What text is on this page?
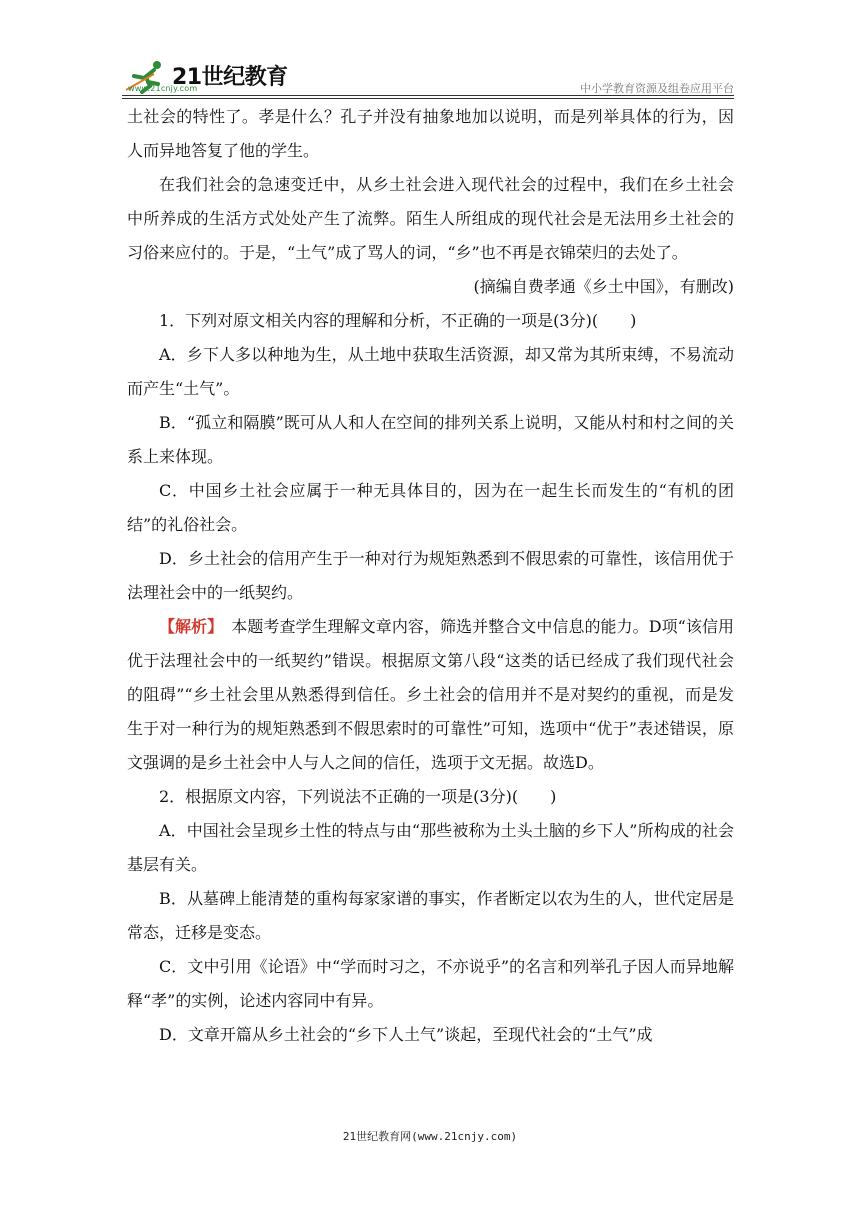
21世纪教育
www.21cnjy.com	中小学教育资源及组卷应用平台

土社会的特性了。孝是什么？孔子并没有抽象地加以说明，而是列举具体的行为，因人而异地答复了他的学生。

在我们社会的急速变迁中，从乡土社会进入现代社会的过程中，我们在乡土社会中所养成的生活方式处处产生了流弊。陌生人所组成的现代社会是无法用乡土社会的习俗来应付的。于是，“土气”成了骂人的词，“乡”也不再是衣锦荣归的去处了。

(摘编自费孝通《乡土中国》，有删改)

1．下列对原文相关内容的理解和分析，不正确的一项是(3分)(　　)

A．乡下人多以种地为生，从土地中获取生活资源，却又常为其所束缚，不易流动而产生“土气”。

B．“孤立和隔膜”既可从人和人在空间的排列关系上说明，又能从村和村之间的关系上来体现。

C．中国乡土社会应属于一种无具体目的，因为在一起生长而发生的“有机的团结”的礼俗社会。

D．乡土社会的信用产生于一种对行为规矩熟悉到不假思索的可靠性，该信用优于法理社会中的一纸契约。

【解析】　本题考查学生理解文章内容，筛选并整合文中信息的能力。D项“该信用优于法理社会中的一纸契约”错误。根据原文第八段“这类的话已经成了我们现代社会的阻碍”“乡土社会里从熟悉得到信任。乡土社会的信用并不是对契约的重视，而是发生于对一种行为的规矩熟悉到不假思索时的可靠性”可知，选项中“优于”表述错误，原文强调的是乡土社会中人与人之间的信任，选项于文无据。故选D。

2．根据原文内容，下列说法不正确的一项是(3分)(　　)

A．中国社会呈现乡土性的特点与由“那些被称为土头土脑的乡下人”所构成的社会基层有关。

B．从墓碑上能清楚的重构每家家谱的事实，作者断定以农为生的人，世代定居是常态，迁移是变态。

C．文中引用《论语》中“学而时习之，不亦说乎”的名言和列举孔子因人而异地解释“孝”的实例，论述内容同中有异。

D．文章开篇从乡土社会的“乡下人土气”谈起，至现代社会的“土气”成

21世纪教育网(www.21cnjy.com)
